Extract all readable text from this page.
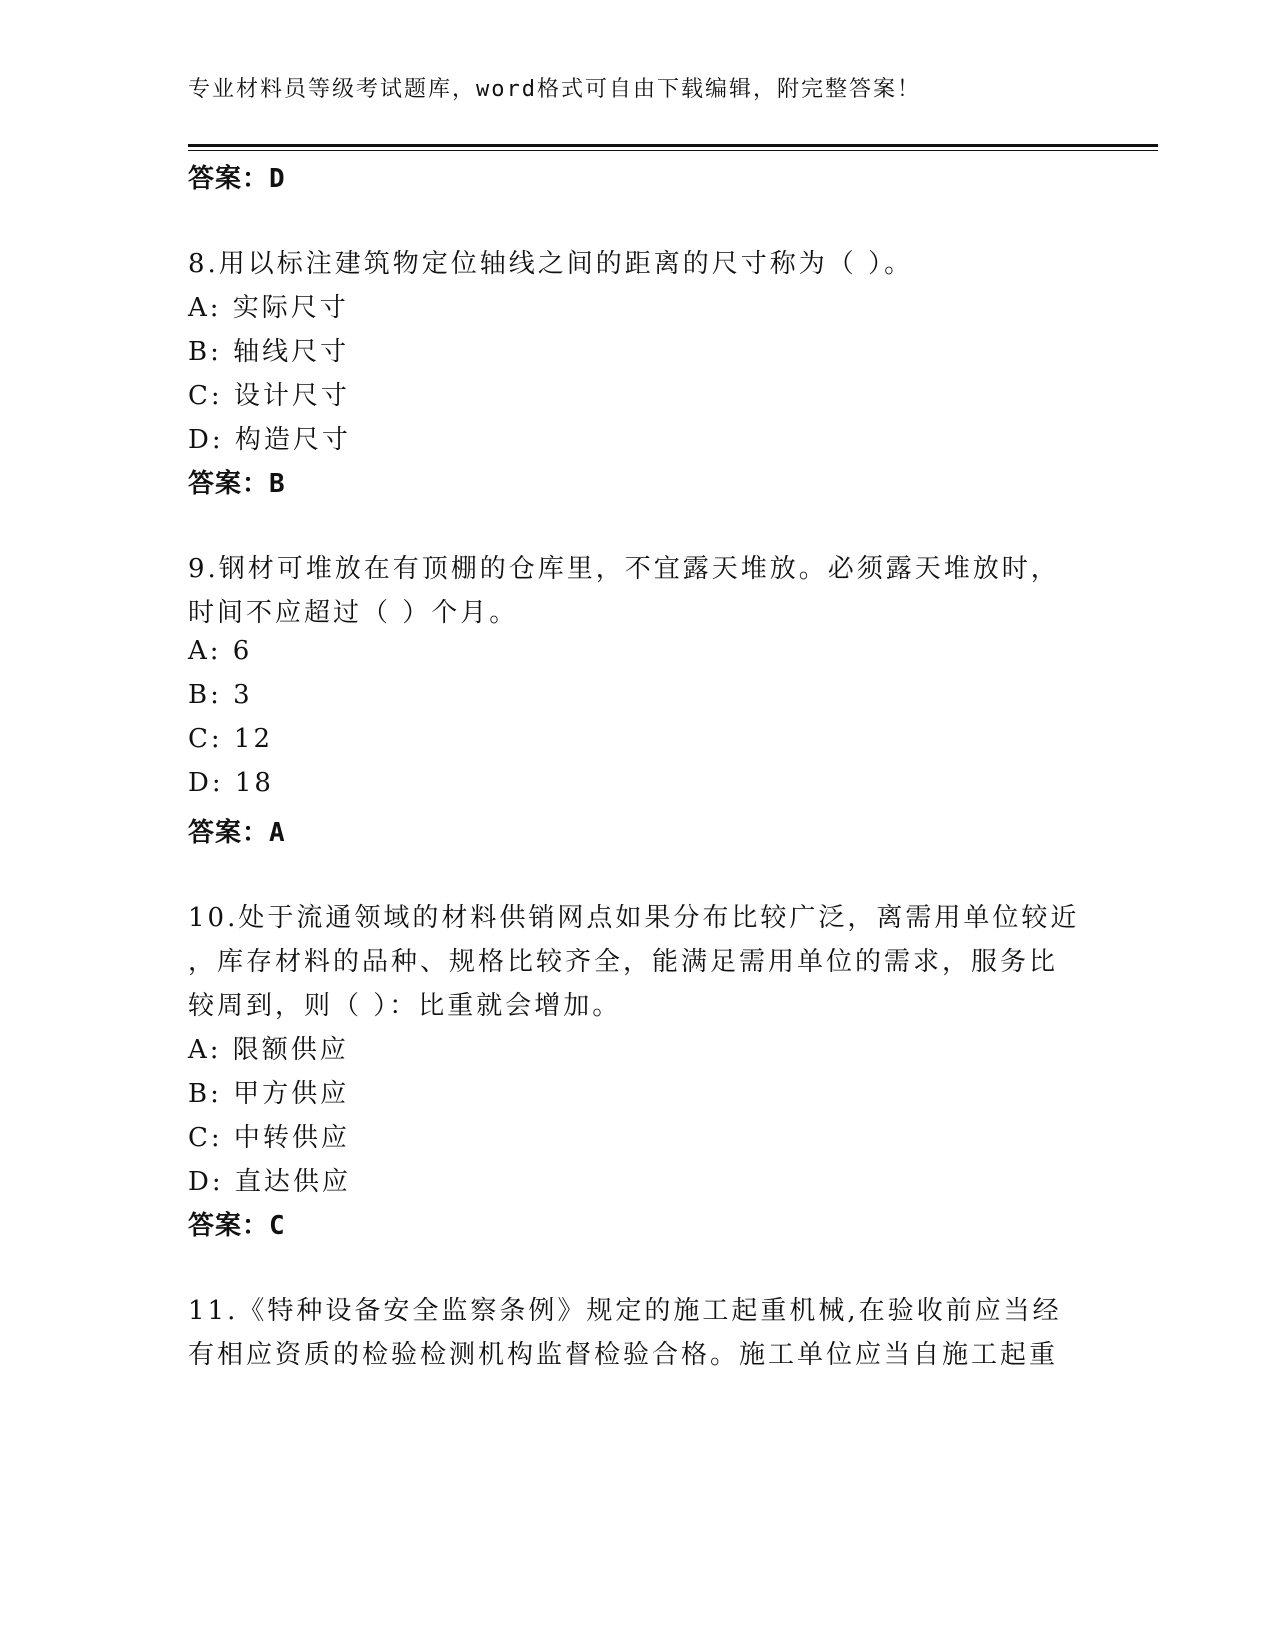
专业材料员等级考试题库，word格式可自由下载编辑，附完整答案！
答案：D
8.用以标注建筑物定位轴线之间的距离的尺寸称为（ ）。
A: 实际尺寸
B: 轴线尺寸
C: 设计尺寸
D: 构造尺寸
答案：B
9.钢材可堆放在有顶棚的仓库里，不宜露天堆放。必须露天堆放时，
时间不应超过（ ）个月。
A: 6
B: 3
C: 12
D: 18
答案：A
10.处于流通领域的材料供销网点如果分布比较广泛，离需用单位较近
，库存材料的品种、规格比较齐全，能满足需用单位的需求，服务比
较周到，则（ ）：比重就会增加。
A: 限额供应
B: 甲方供应
C: 中转供应
D: 直达供应
答案：C
11.《特种设备安全监察条例》规定的施工起重机械,在验收前应当经
有相应资质的检验检测机构监督检验合格。施工单位应当自施工起重
